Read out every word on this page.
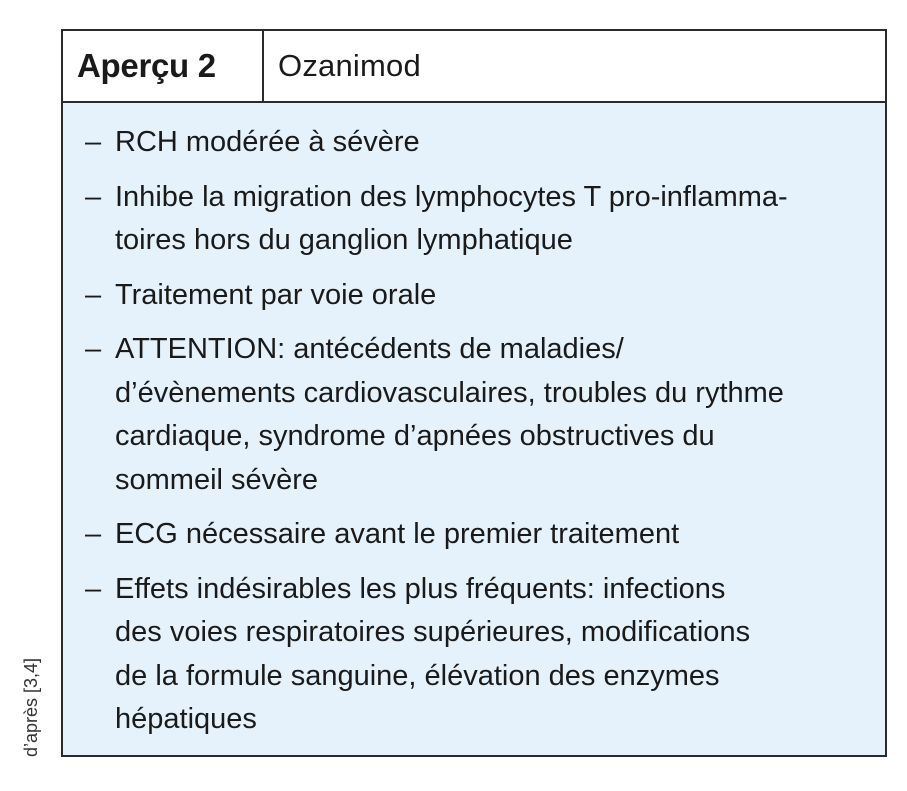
Aperçu 2	Ozanimod
– RCH modérée à sévère
– Inhibe la migration des lymphocytes T pro-inflamma-
toires hors du ganglion lymphatique
– Traitement par voie orale
– ATTENTION: antécédents de maladies/
d’évènements cardiovasculaires, troubles du rythme
cardiaque, syndrome d’apnées obstructives du
sommeil sévère
– ECG nécessaire avant le premier traitement
– Effets indésirables les plus fréquents: infections
des voies respiratoires supérieures, modifications
de la formule sanguine, élévation des enzymes
hépatiques
d’après [3,4]
